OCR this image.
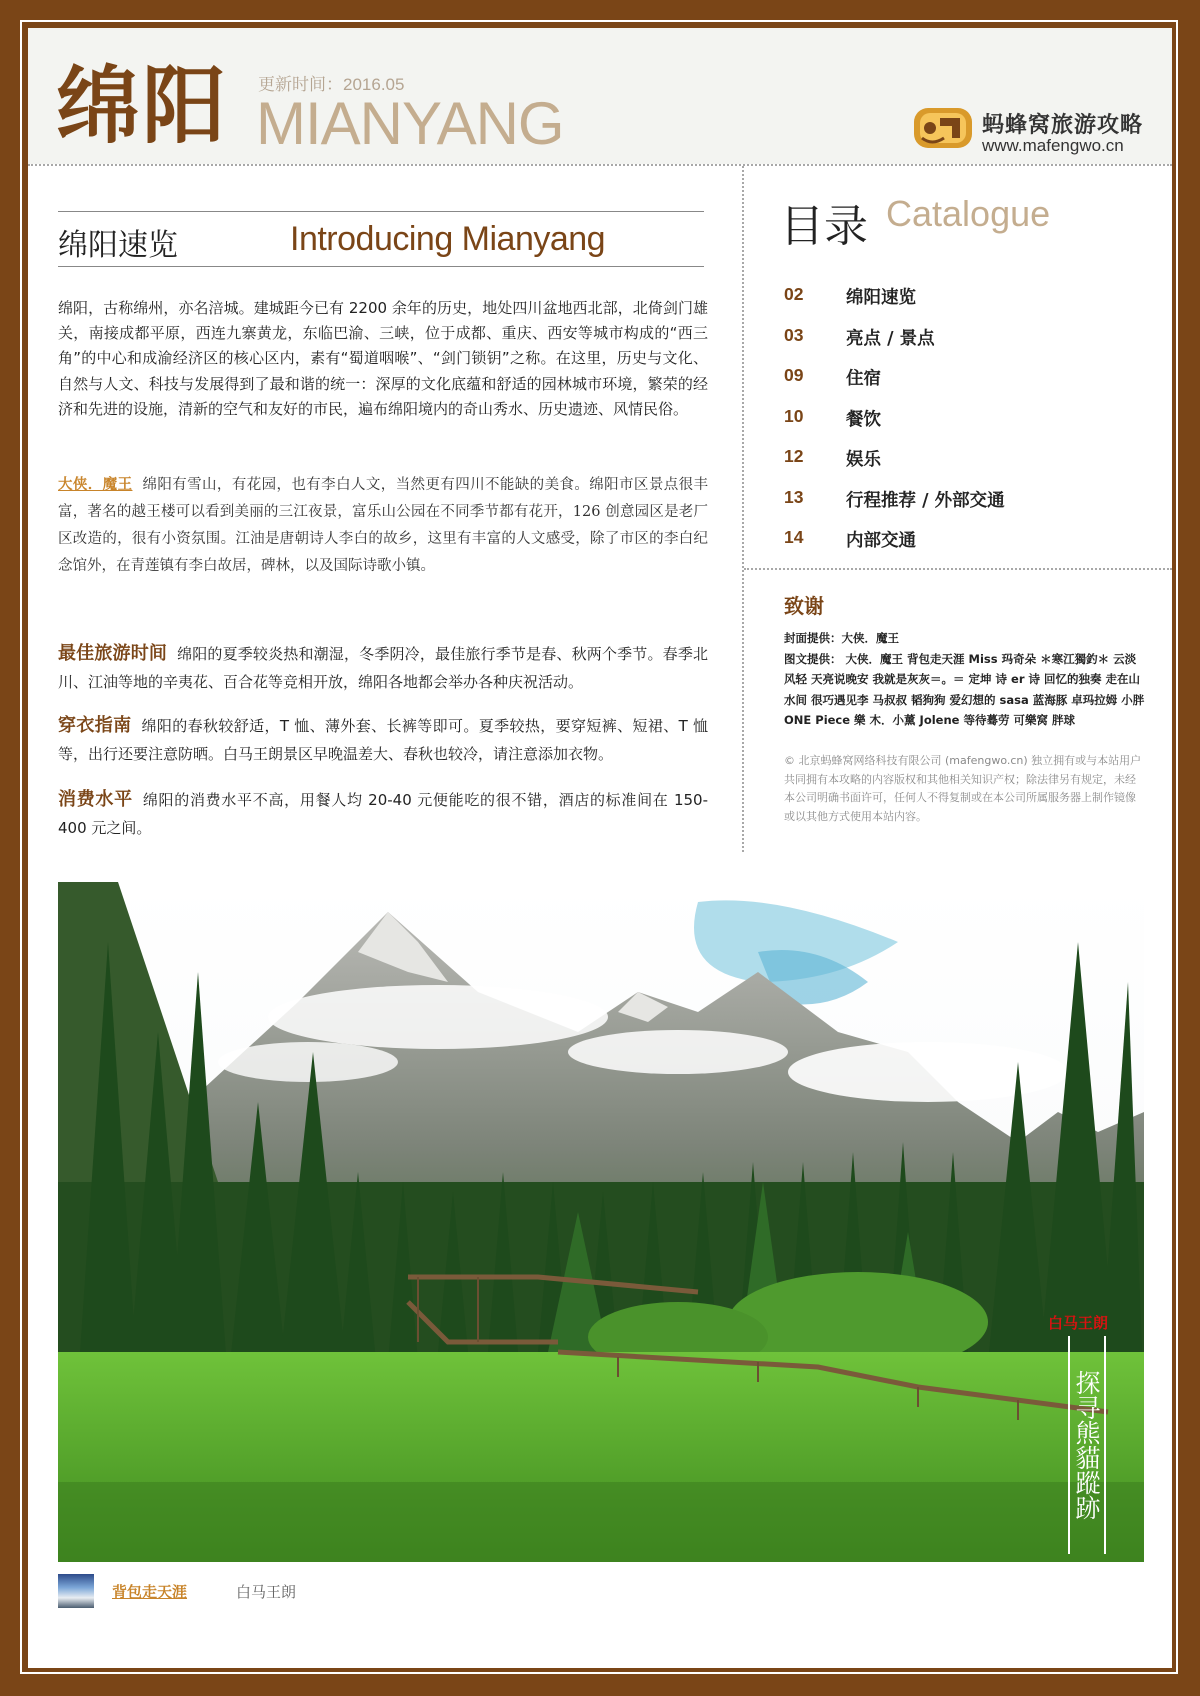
绵阳 更新时间：2016.05
MIANYANG	蚂蜂窝旅游攻略
www.mafengwo.cn
绵阳速览	Introducing Mianyang

绵阳，古称绵州，亦名涪城。建城距今已有 2200 余年的历史，地处四川盆地西北部，北倚剑门雄关，南接成都平原，西连九寨黄龙，东临巴渝、三峡，位于成都、重庆、西安等城市构成的“西三角”的中心和成渝经济区的核心区内，素有“蜀道咽喉”、“剑门锁钥”之称。在这里，历史与文化、自然与人文、科技与发展得到了最和谐的统一：深厚的文化底蕴和舒适的园林城市环境，繁荣的经济和先进的设施，清新的空气和友好的市民，遍布绵阳境内的奇山秀水、历史遗迹、风情民俗。

大侠．魔王 绵阳有雪山，有花园，也有李白人文，当然更有四川不能缺的美食。绵阳市区景点很丰富，著名的越王楼可以看到美丽的三江夜景，富乐山公园在不同季节都有花开，126 创意园区是老厂区改造的，很有小资氛围。江油是唐朝诗人李白的故乡，这里有丰富的人文感受，除了市区的李白纪念馆外，在青莲镇有李白故居，碑林，以及国际诗歌小镇。

最佳旅游时间 绵阳的夏季较炎热和潮湿，冬季阴冷，最佳旅行季节是春、秋两个季节。春季北川、江油等地的辛夷花、百合花等竞相开放，绵阳各地都会举办各种庆祝活动。

穿衣指南 绵阳的春秋较舒适，T 恤、薄外套、长裤等即可。夏季较热，要穿短裤、短裙、T 恤等，出行还要注意防晒。白马王朗景区早晚温差大、春秋也较冷，请注意添加衣物。

消费水平 绵阳的消费水平不高，用餐人均 20-40 元便能吃的很不错，酒店的标准间在 150-400 元之间。

目录 Catalogue
02 绵阳速览
03 亮点 / 景点
09 住宿
10 餐饮
12 娱乐
13 行程推荐 / 外部交通
14 内部交通
致谢

封面提供：大侠．魔王
图文提供： 大侠．魔王 背包走天涯 Miss 玛奇朵 ＊寒江獨釣＊ 云淡风轻 天亮说晚安 我就是灰灰＝。＝ 定坤 诗 er 诗 回忆的独奏 走在山水间 很巧遇见李 马叔叔 韬狗狗 爱幻想的 sasa 蓝海豚 卓玛拉姆 小胖 ONE Piece 樂 木．小薰 Jolene 等待蓦劳 可樂窝 胖球

© 北京蚂蜂窝网络科技有限公司 (mafengwo.cn) 独立拥有或与本站用户共同拥有本攻略的内容版权和其他相关知识产权；除法律另有规定，未经本公司明确书面许可，任何人不得复制或在本公司所属服务器上制作镜像或以其他方式使用本站内容。

白马王朗
探寻熊貓蹤跡
背包走天涯	白马王朗
